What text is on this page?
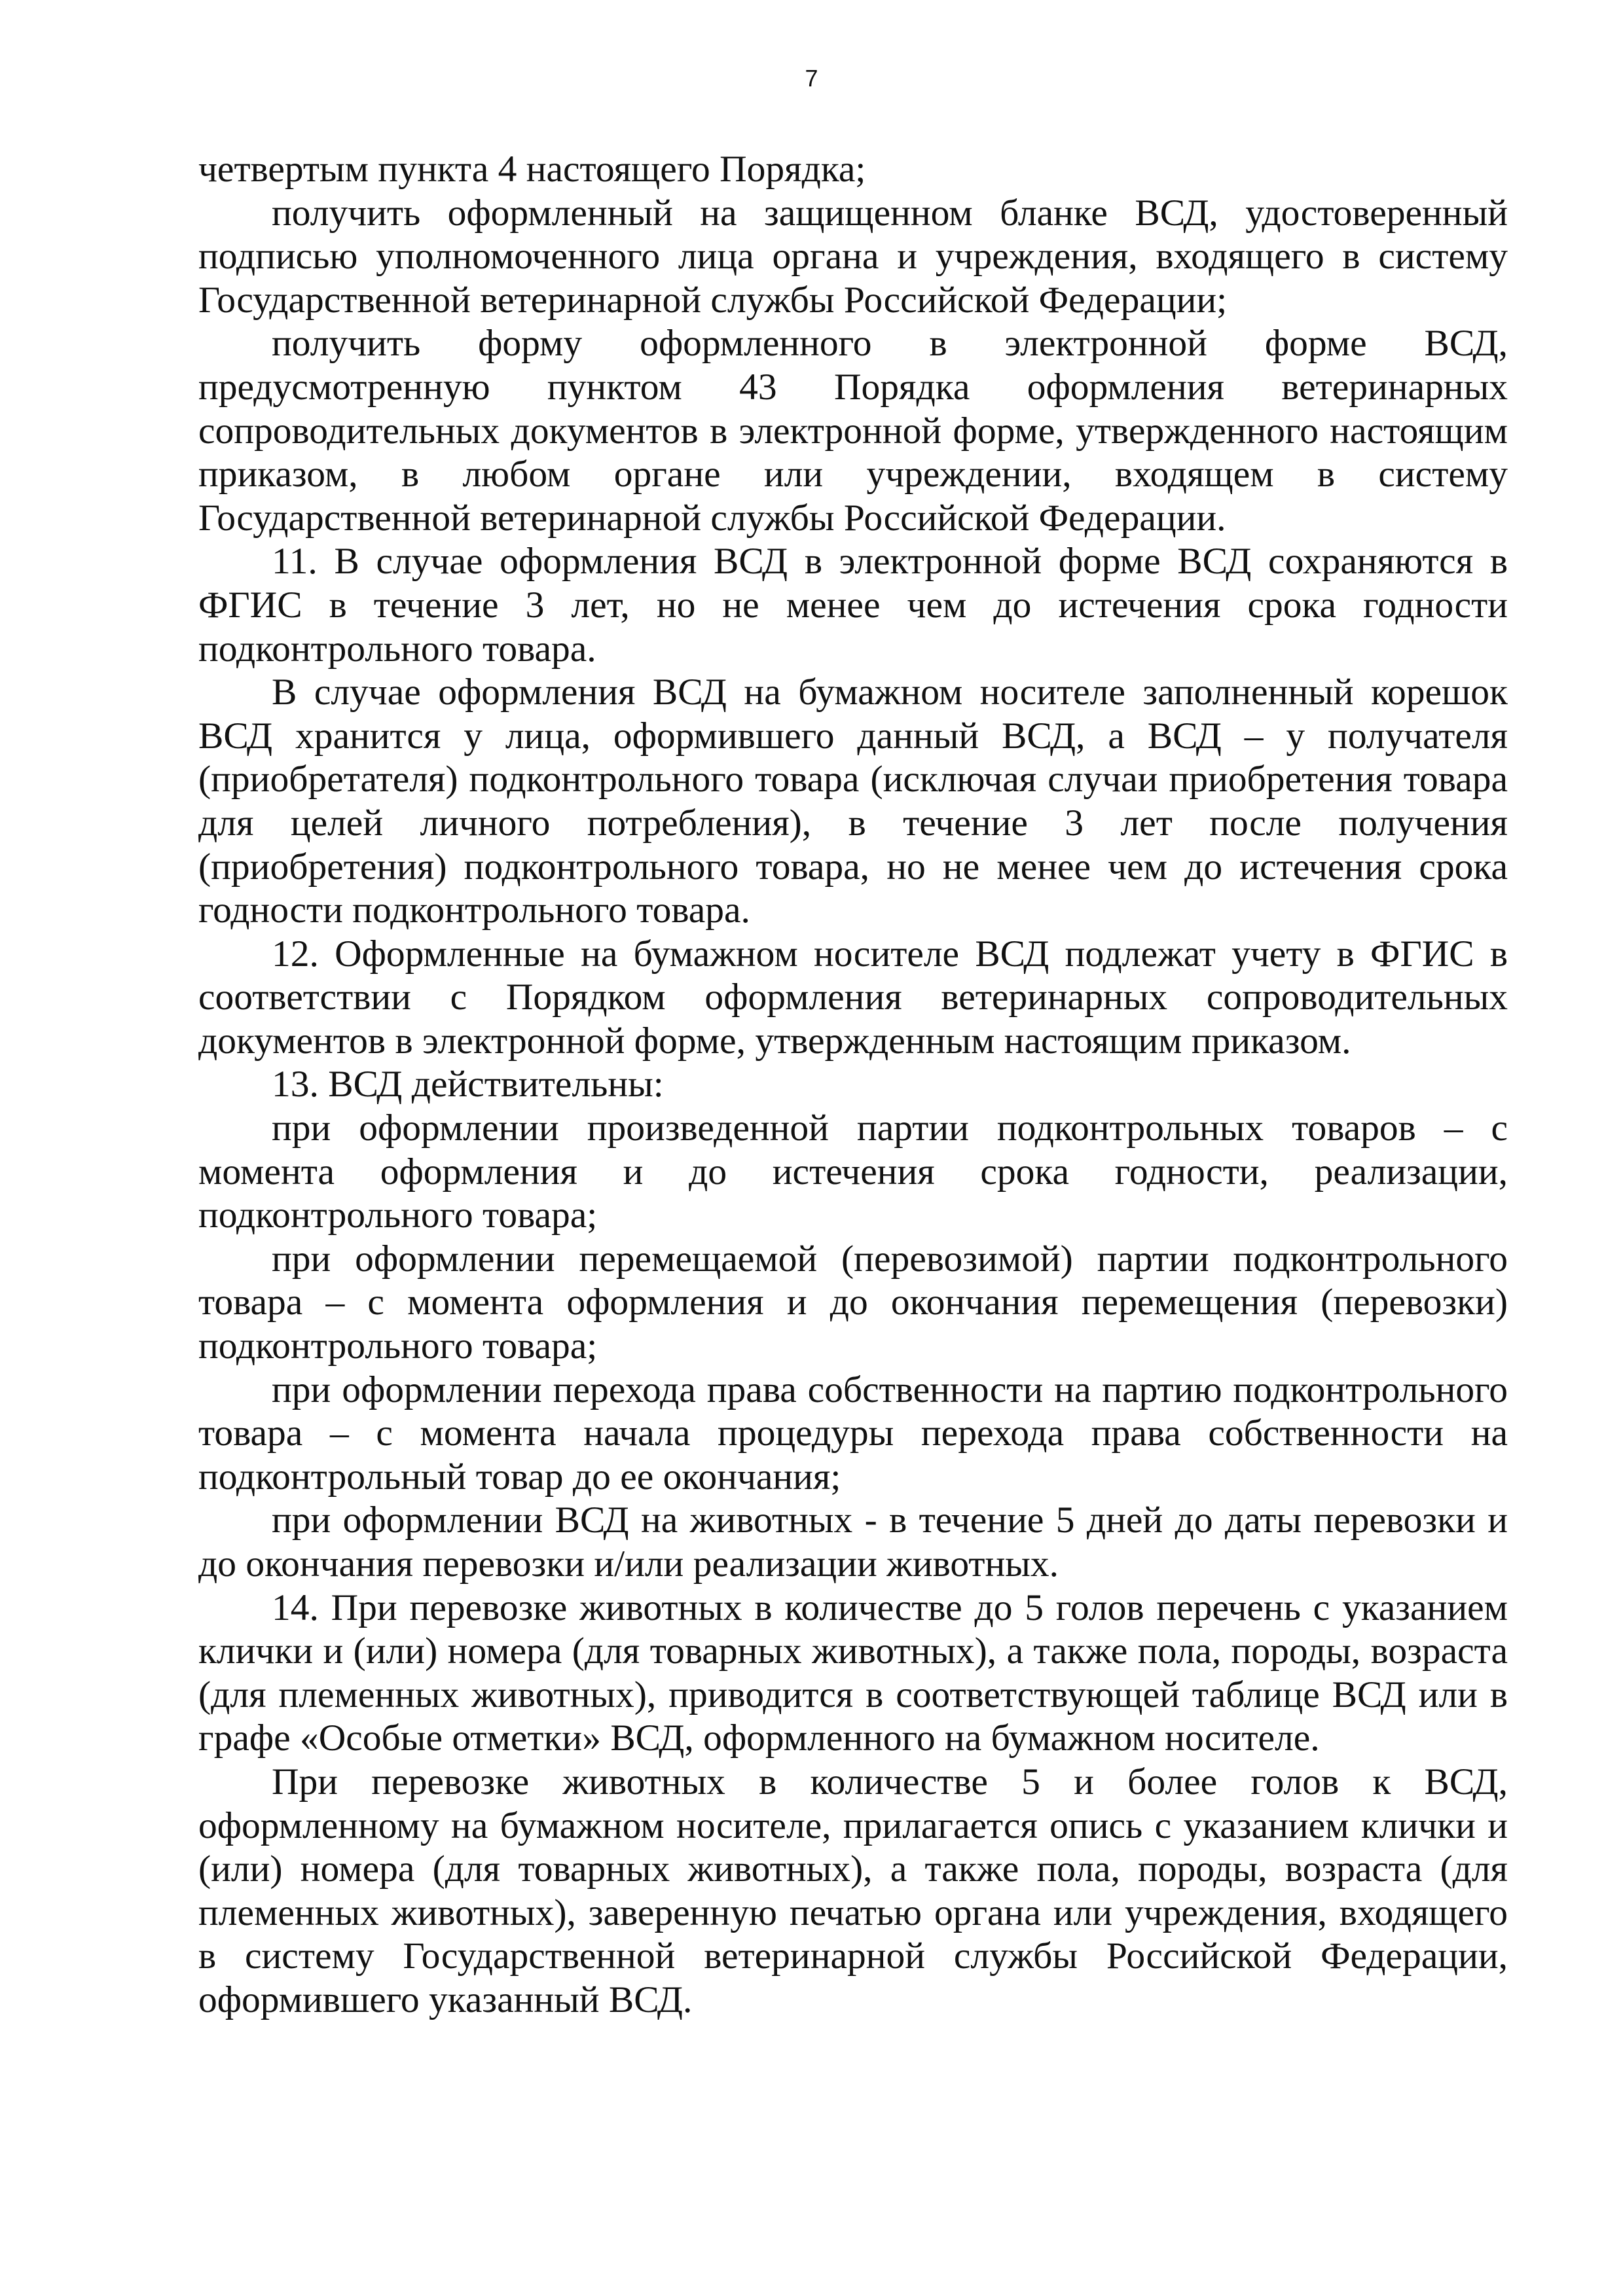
7

четвертым пункта 4 настоящего Порядка;

получить оформленный на защищенном бланке ВСД, удостоверенный подписью уполномоченного лица органа и учреждения, входящего в систему Государственной ветеринарной службы Российской Федерации;

получить форму оформленного в электронной форме ВСД, предусмотренную пунктом 43 Порядка оформления ветеринарных сопроводительных документов в электронной форме, утвержденного настоящим приказом, в любом органе или учреждении, входящем в систему Государственной ветеринарной службы Российской Федерации.

11. В случае оформления ВСД в электронной форме ВСД сохраняются в ФГИС в течение 3 лет, но не менее чем до истечения срока годности подконтрольного товара.

В случае оформления ВСД на бумажном носителе заполненный корешок ВСД хранится у лица, оформившего данный ВСД, а ВСД – у получателя (приобретателя) подконтрольного товара (исключая случаи приобретения товара для целей личного потребления), в течение 3 лет после получения (приобретения) подконтрольного товара, но не менее чем до истечения срока годности подконтрольного товара.

12. Оформленные на бумажном носителе ВСД подлежат учету в ФГИС в соответствии с Порядком оформления ветеринарных сопроводительных документов в электронной форме, утвержденным настоящим приказом.

13. ВСД действительны:

при оформлении произведенной партии подконтрольных товаров – с момента оформления и до истечения срока годности, реализации, подконтрольного товара;

при оформлении перемещаемой (перевозимой) партии подконтрольного товара – с момента оформления и до окончания перемещения (перевозки) подконтрольного товара;

при оформлении перехода права собственности на партию подконтрольного товара – с момента начала процедуры перехода права собственности на подконтрольный товар до ее окончания;

при оформлении ВСД на животных - в течение 5 дней до даты перевозки и до окончания перевозки и/или реализации животных.

14. При перевозке животных в количестве до 5 голов перечень с указанием клички и (или) номера (для товарных животных), а также пола, породы, возраста (для племенных животных), приводится в соответствующей таблице ВСД или в графе «Особые отметки» ВСД, оформленного на бумажном носителе.

При перевозке животных в количестве 5 и более голов к ВСД, оформленному на бумажном носителе, прилагается опись с указанием клички и (или) номера (для товарных животных), а также пола, породы, возраста (для племенных животных), заверенную печатью органа или учреждения, входящего в систему Государственной ветеринарной службы Российской Федерации, оформившего указанный ВСД.
